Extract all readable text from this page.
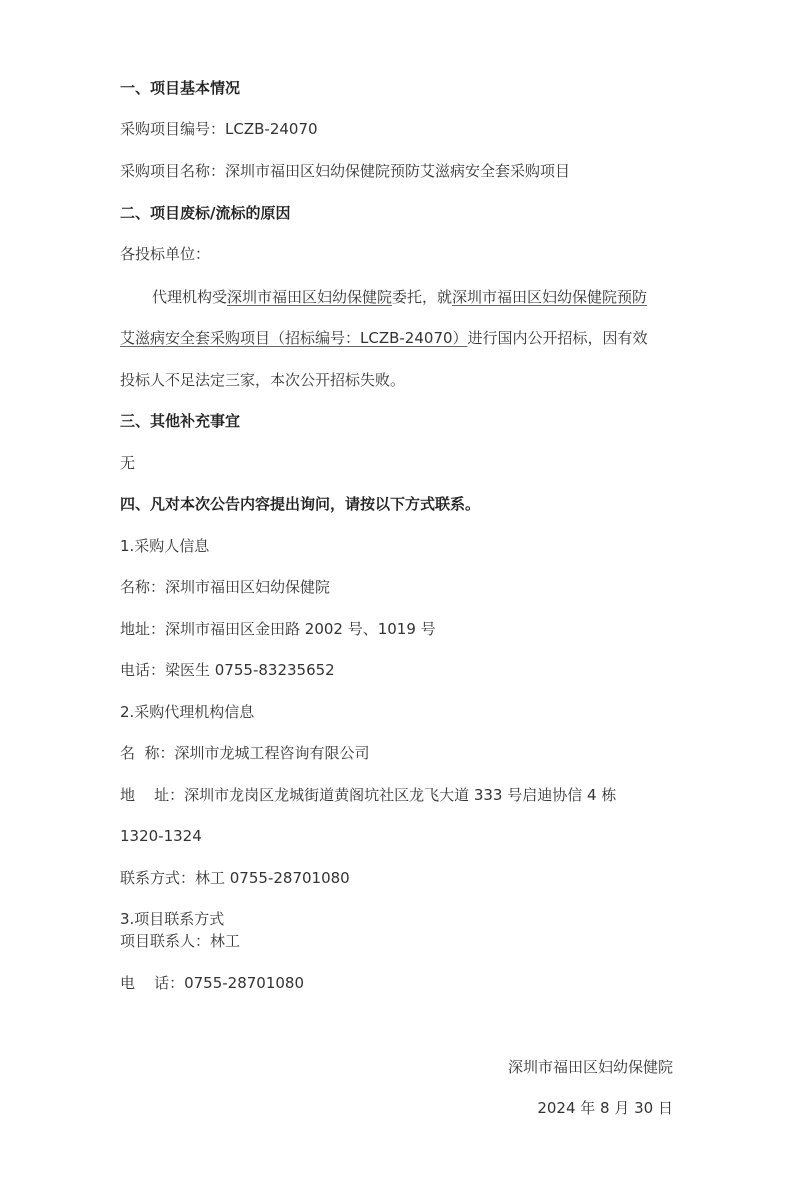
一、项目基本情况
采购项目编号：LCZB-24070
采购项目名称：深圳市福田区妇幼保健院预防艾滋病安全套采购项目
二、项目废标/流标的原因
各投标单位：
代理机构受深圳市福田区妇幼保健院委托，就深圳市福田区妇幼保健院预防
艾滋病安全套采购项目（招标编号：LCZB-24070）进行国内公开招标，因有效
投标人不足法定三家，本次公开招标失败。
三、其他补充事宜
无
四、凡对本次公告内容提出询问，请按以下方式联系。
1.采购人信息
名称：深圳市福田区妇幼保健院
地址：深圳市福田区金田路 2002 号、1019 号
电话：梁医生 0755-83235652
2.采购代理机构信息
名  称：深圳市龙城工程咨询有限公司
地    址：深圳市龙岗区龙城街道黄阁坑社区龙飞大道 333 号启迪协信 4 栋
1320-1324
联系方式：林工 0755-28701080
3.项目联系方式
项目联系人：林工
电    话：0755-28701080
深圳市福田区妇幼保健院
2024 年 8 月 30 日
